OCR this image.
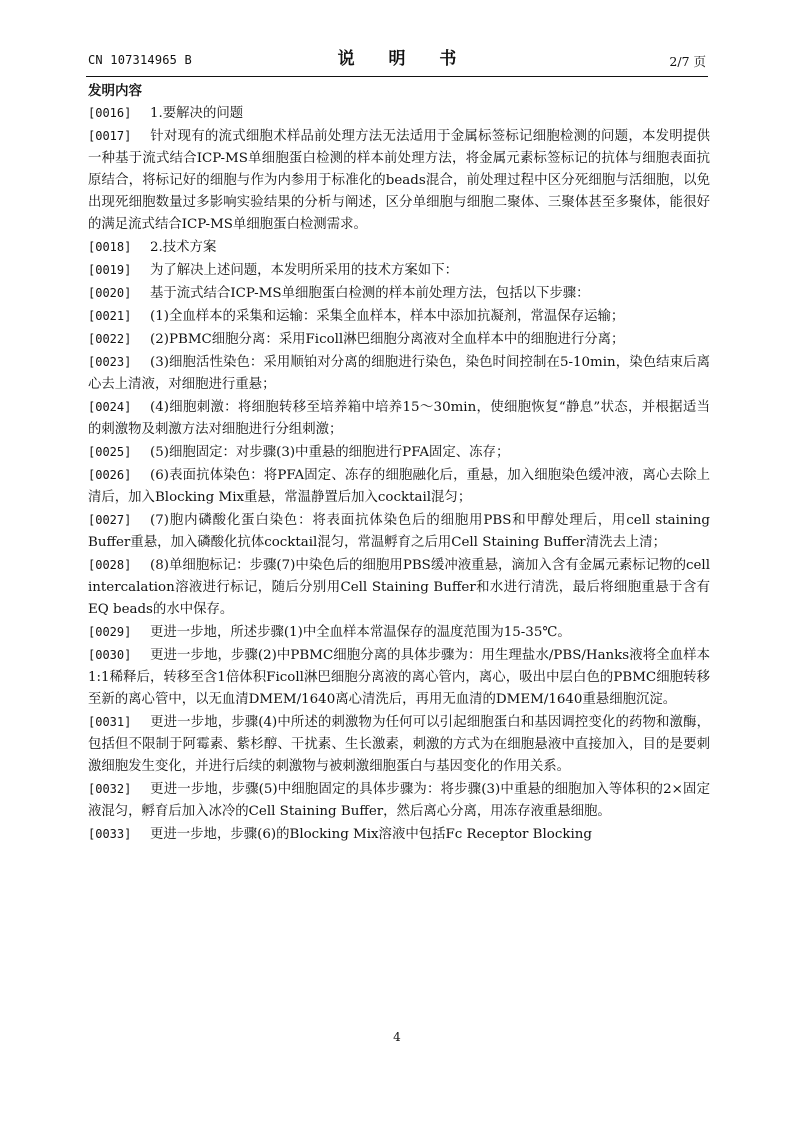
CN 107314965 B	说 明 书	2/7 页
发明内容

[0016] 1.要解决的问题

[0017] 针对现有的流式细胞术样品前处理方法无法适用于金属标签标记细胞检测的问题，本发明提供一种基于流式结合ICP-MS单细胞蛋白检测的样本前处理方法，将金属元素标签标记的抗体与细胞表面抗原结合，将标记好的细胞与作为内参用于标准化的beads混合，前处理过程中区分死细胞与活细胞，以免出现死细胞数量过多影响实验结果的分析与阐述，区分单细胞与细胞二聚体、三聚体甚至多聚体，能很好的满足流式结合ICP-MS单细胞蛋白检测需求。

[0018] 2.技术方案

[0019] 为了解决上述问题，本发明所采用的技术方案如下：

[0020] 基于流式结合ICP-MS单细胞蛋白检测的样本前处理方法，包括以下步骤：

[0021] (1)全血样本的采集和运输：采集全血样本，样本中添加抗凝剂，常温保存运输；

[0022] (2)PBMC细胞分离：采用Ficoll淋巴细胞分离液对全血样本中的细胞进行分离；

[0023] (3)细胞活性染色：采用顺铂对分离的细胞进行染色，染色时间控制在5-10min，染色结束后离心去上清液，对细胞进行重悬；

[0024] (4)细胞刺激：将细胞转移至培养箱中培养15～30min，使细胞恢复“静息”状态，并根据适当的刺激物及刺激方法对细胞进行分组刺激；

[0025] (5)细胞固定：对步骤(3)中重悬的细胞进行PFA固定、冻存；

[0026] (6)表面抗体染色：将PFA固定、冻存的细胞融化后，重悬，加入细胞染色缓冲液，离心去除上清后，加入Blocking Mix重悬，常温静置后加入cocktail混匀；

[0027] (7)胞内磷酸化蛋白染色：将表面抗体染色后的细胞用PBS和甲醇处理后，用cell staining Buffer重悬，加入磷酸化抗体cocktail混匀，常温孵育之后用Cell Staining Buffer清洗去上清；

[0028] (8)单细胞标记：步骤(7)中染色后的细胞用PBS缓冲液重悬，滴加入含有金属元素标记物的cell intercalation溶液进行标记，随后分别用Cell Staining Buffer和水进行清洗，最后将细胞重悬于含有EQ beads的水中保存。

[0029] 更进一步地，所述步骤(1)中全血样本常温保存的温度范围为15-35℃。

[0030] 更进一步地，步骤(2)中PBMC细胞分离的具体步骤为：用生理盐水/PBS/Hanks液将全血样本1:1稀释后，转移至含1倍体积Ficoll淋巴细胞分离液的离心管内，离心，吸出中层白色的PBMC细胞转移至新的离心管中，以无血清DMEM/1640离心清洗后，再用无血清的DMEM/1640重悬细胞沉淀。

[0031] 更进一步地，步骤(4)中所述的刺激物为任何可以引起细胞蛋白和基因调控变化的药物和激酶，包括但不限制于阿霉素、紫杉醇、干扰素、生长激素，刺激的方式为在细胞悬液中直接加入，目的是要刺激细胞发生变化，并进行后续的刺激物与被刺激细胞蛋白与基因变化的作用关系。

[0032] 更进一步地，步骤(5)中细胞固定的具体步骤为：将步骤(3)中重悬的细胞加入等体积的2×固定液混匀，孵育后加入冰冷的Cell Staining Buffer，然后离心分离，用冻存液重悬细胞。

[0033] 更进一步地，步骤(6)的Blocking Mix溶液中包括Fc Receptor Blocking

4
